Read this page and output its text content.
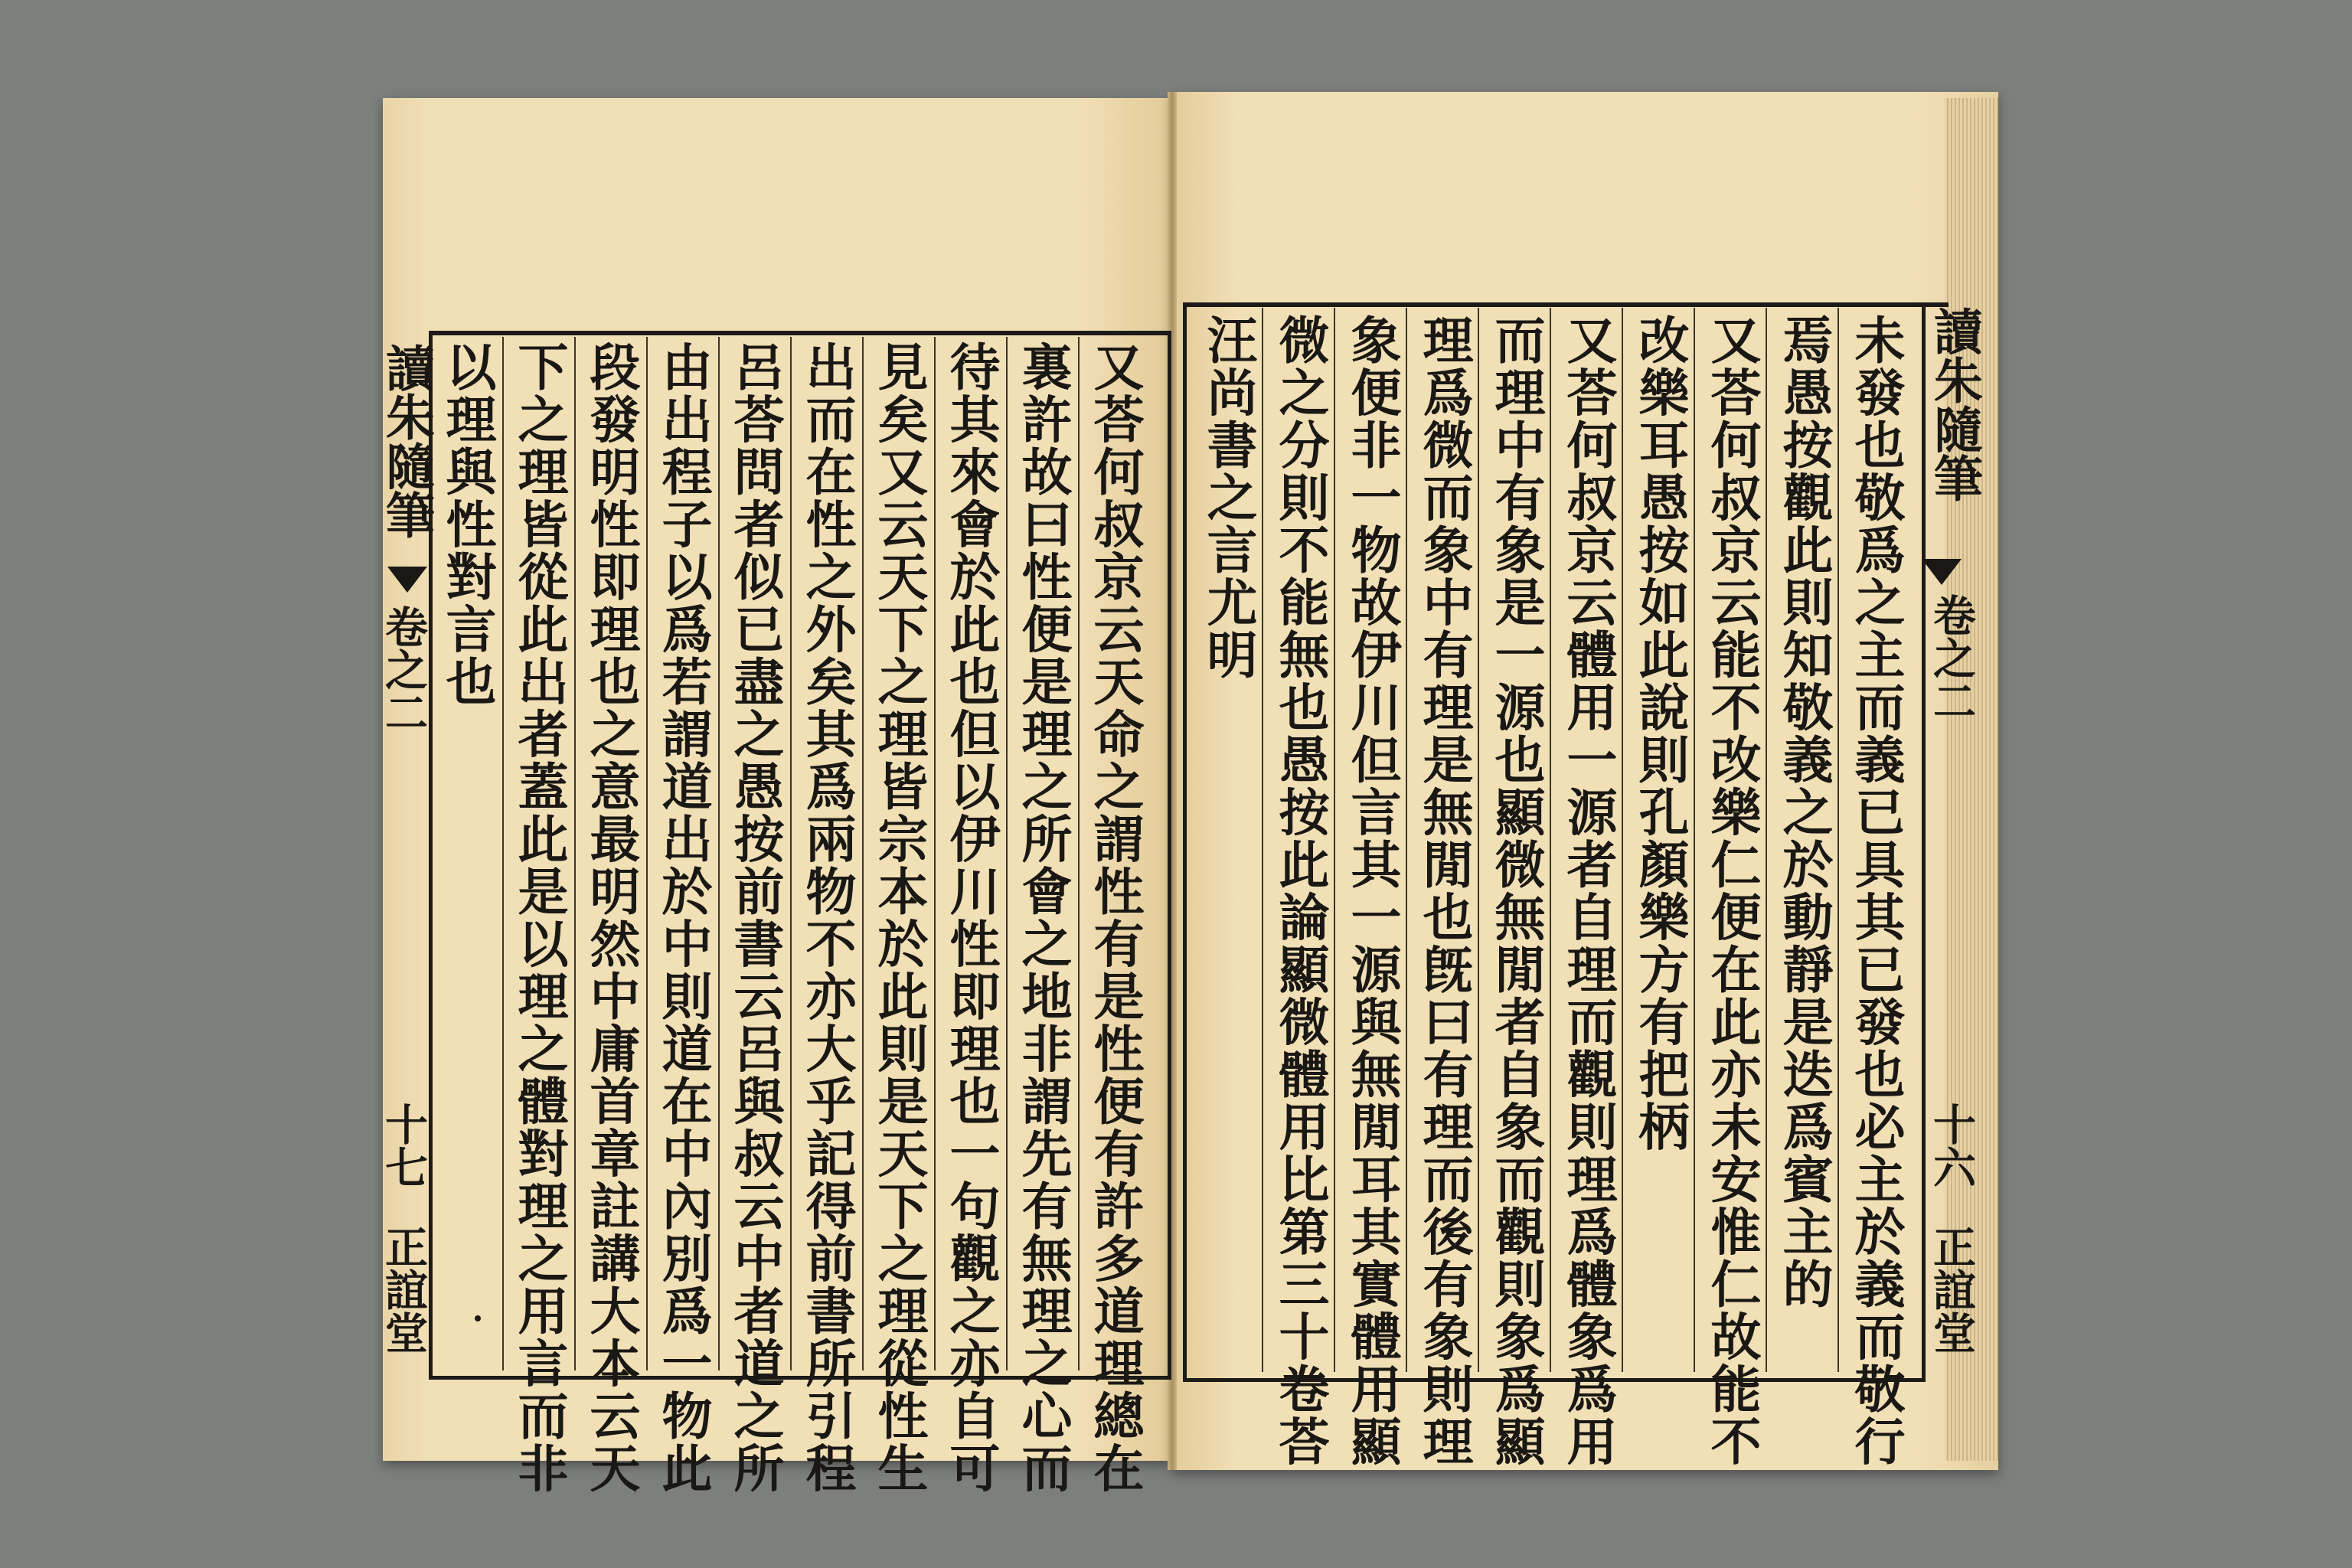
讀朱隨筆
卷之二
十七
正誼堂	又荅何叔京云天命之謂性有是性便有許多道理總在
裏許故曰性便是理之所會之地非謂先有無理之心而
待其來會於此也但以伊川性即理也一句觀之亦自可
見矣又云天下之理皆宗本於此則是天下之理從性生
出而在性之外矣其爲兩物不亦大乎記得前書所引程
呂荅問者似已盡之愚按前書云呂與叔云中者道之所
由出程子以爲若謂道出於中則道在中內別爲一物此
段發明性即理也之意最明然中庸首章註講大本云天
下之理皆從此出者蓋此是以理之體對理之用言而非
以理與性對言也	未發也敬爲之主而義已具其已發也必主於義而敬行
焉愚按觀此則知敬義之於動靜是迭爲賓主的
又荅何叔京云能不改樂仁便在此亦未安惟仁故能不
改樂耳愚按如此說則孔顏樂方有把柄
又荅何叔京云體用一源者自理而觀則理爲體象爲用
而理中有象是一源也顯微無閒者自象而觀則象爲顯
理爲微而象中有理是無閒也旣曰有理而後有象則理
象便非一物故伊川但言其一源與無閒耳其實體用顯
微之分則不能無也愚按此論顯微體用比第三十卷荅
汪尚書之言尤明	讀朱隨筆
卷之二
十六
正誼堂
